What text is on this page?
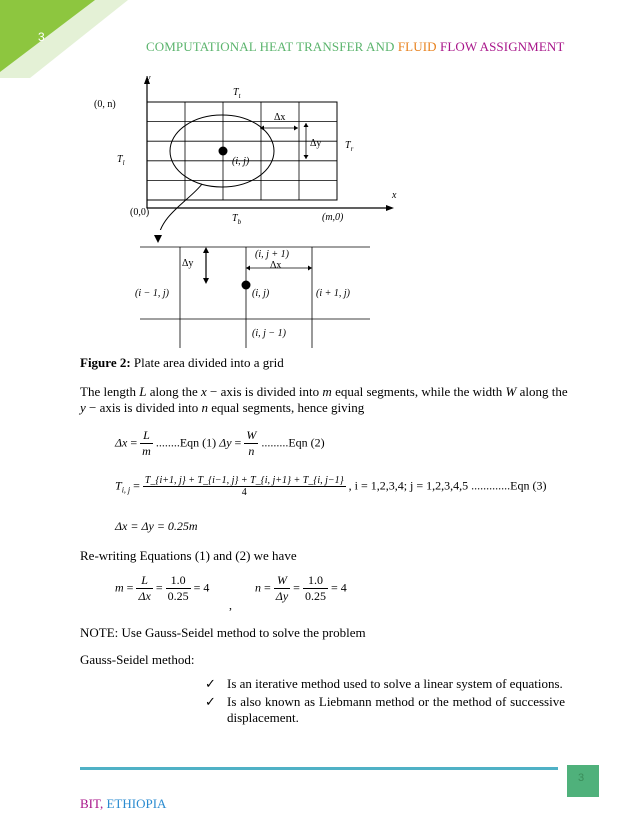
3
COMPUTATIONAL HEAT TRANSFER AND FLUID FLOW ASSIGNMENT
y
(0, n)
$T_t$
Δx
Δy $T_r$
$T_l$	(i, j)
x
(0,0)	(m,0)
$T_b$
Δy
(i, j + 1)
Δx
(i − 1, j)	(i, j)	(i + 1, j)
(i, j − 1)
Figure 2: Plate area divided into a grid
The length L along the x − axis is divided into m equal segments, while the width W along the
y − axis is divided into n equal segments, hence giving
$\Delta x = \frac{L}{m} ........Eqn$ (1) $\Delta y = \frac{W}{n} .........Eqn$ (2)
$T_{i, j} = \frac{T\_\{i+1, j\} + T\_\{i-1, j\} + T\_\{i, j+1\} + T\_\{i, j-1\}}{4}$ , i = 1,2,3,4; j = 1,2,3,4,5 .............Eqn (3)
Δx = Δy = 0.25m
Re-writing Equations (1) and (2) we have
$m = \frac{L}{\Delta x} = \frac{1.0}{0.25} = 4$
,
$n = \frac{W}{\Delta y} = \frac{1.0}{0.25} = 4$
NOTE: Use Gauss-Seidel method to solve the problem
Gauss-Seidel method:
✓ Is an iterative method used to solve a linear system of equations.
✓ Is also known as Liebmann method or the method of successive displacement.
3
BIT, ETHIOPIA
